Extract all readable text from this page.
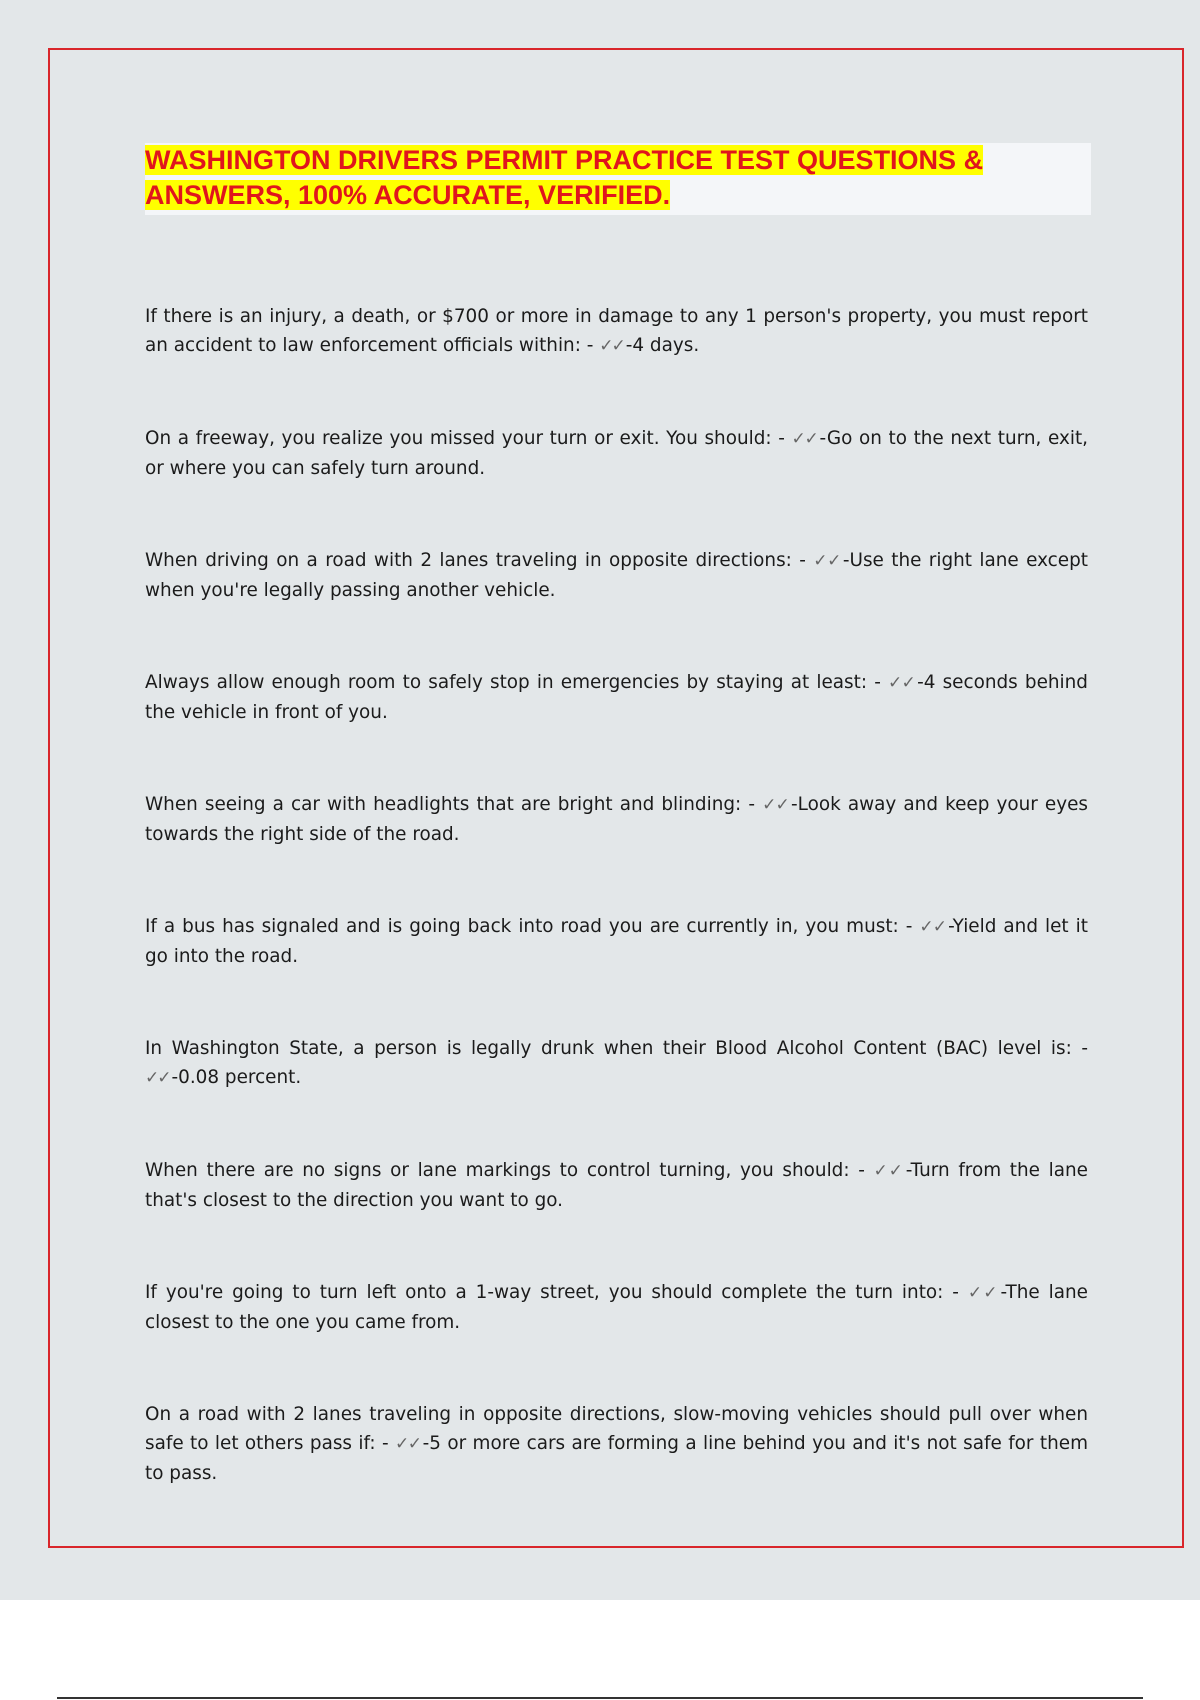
WASHINGTON DRIVERS PERMIT PRACTICE TEST QUESTIONS &
ANSWERS, 100% ACCURATE, VERIFIED.

If there is an injury, a death, or $700 or more in damage to any 1 person's property, you must report an accident to law enforcement officials within: - ✓✓ -4 days.

On a freeway, you realize you missed your turn or exit. You should: - ✓✓ -Go on to the next turn, exit, or where you can safely turn around.

When driving on a road with 2 lanes traveling in opposite directions: - ✓✓ -Use the right lane except when you're legally passing another vehicle.

Always allow enough room to safely stop in emergencies by staying at least: - ✓✓ -4 seconds behind the vehicle in front of you.

When seeing a car with headlights that are bright and blinding: - ✓✓ -Look away and keep your eyes towards the right side of the road.

If a bus has signaled and is going back into road you are currently in, you must: - ✓✓ -Yield and let it go into the road.

In Washington State, a person is legally drunk when their Blood Alcohol Content (BAC) level is: - ✓✓ -0.08 percent.

When there are no signs or lane markings to control turning, you should: - ✓✓ -Turn from the lane that's closest to the direction you want to go.

If you're going to turn left onto a 1-way street, you should complete the turn into: - ✓✓ -The lane closest to the one you came from.

On a road with 2 lanes traveling in opposite directions, slow-moving vehicles should pull over when safe to let others pass if: - ✓✓ -5 or more cars are forming a line behind you and it's not safe for them to pass.
